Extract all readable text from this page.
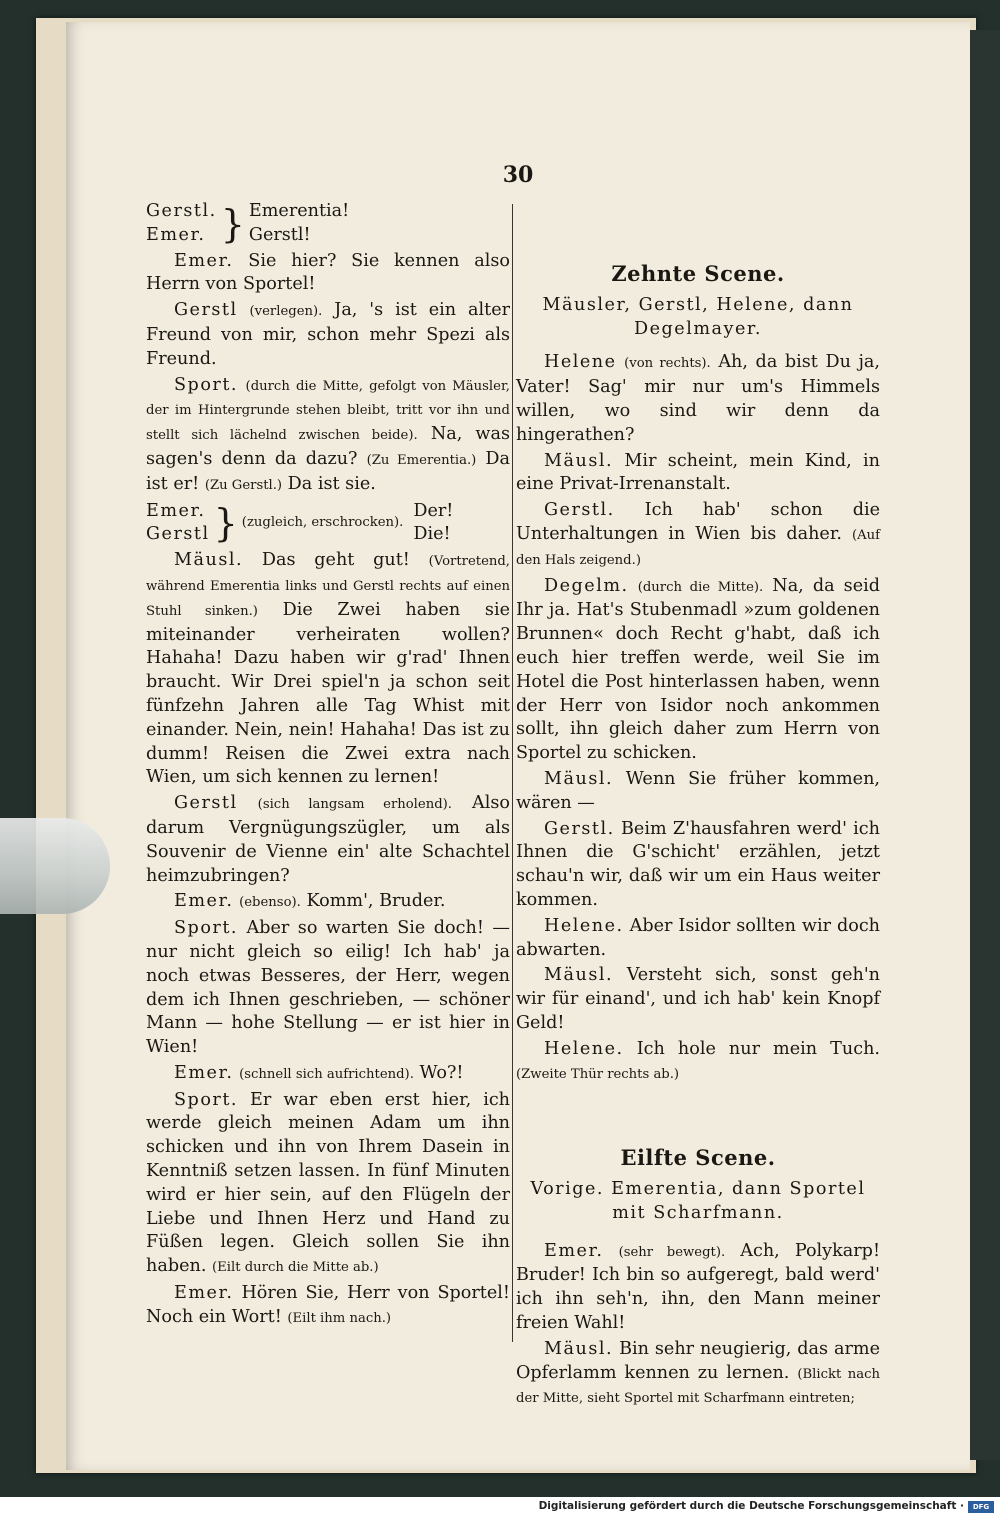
30
Gerstl.
Emer. } Emerentia!
Gerstl!

Emer. Sie hier? Sie kennen also Herrn von Sportel!

Gerstl (verlegen). Ja, 's ist ein alter Freund von mir, schon mehr Spezi als Freund.

Sport. (durch die Mitte, gefolgt von Mäusler, der im Hintergrunde stehen bleibt, tritt vor ihn und stellt sich lächelnd zwischen beide). Na, was sagen's denn da dazu? (Zu Emerentia.) Da ist er! (Zu Gerstl.) Da ist sie.

Emer.
Gerstl } (zugleich, erschrocken).
Der!
Die!

Mäusl. Das geht gut! (Vortretend, während Emerentia links und Gerstl rechts auf einen Stuhl sinken.) Die Zwei haben sie miteinander verheiraten wollen? Hahaha! Dazu haben wir g'rad' Ihnen braucht. Wir Drei spiel'n ja schon seit fünfzehn Jahren alle Tag Whist mit einander. Nein, nein! Hahaha! Das ist zu dumm! Reisen die Zwei extra nach Wien, um sich kennen zu lernen!

Gerstl (sich langsam erholend). Also darum Vergnügungszügler, um als Souvenir de Vienne ein' alte Schachtel heimzubringen?

Emer. (ebenso). Komm', Bruder.

Sport. Aber so warten Sie doch! — nur nicht gleich so eilig! Ich hab' ja noch etwas Besseres, der Herr, wegen dem ich Ihnen geschrieben, — schöner Mann — hohe Stellung — er ist hier in Wien!

Emer. (schnell sich aufrichtend). Wo?!

Sport. Er war eben erst hier, ich werde gleich meinen Adam um ihn schicken und ihn von Ihrem Dasein in Kenntniß setzen lassen. In fünf Minuten wird er hier sein, auf den Flügeln der Liebe und Ihnen Herz und Hand zu Füßen legen. Gleich sollen Sie ihn haben. (Eilt durch die Mitte ab.)

Emer. Hören Sie, Herr von Sportel! Noch ein Wort! (Eilt ihm nach.)

Zehnte Scene.

Mäusler, Gerstl, Helene, dann Degelmayer.

Helene (von rechts). Ah, da bist Du ja, Vater! Sag' mir nur um's Himmels willen, wo sind wir denn da hingerathen?

Mäusl. Mir scheint, mein Kind, in eine Privat-Irrenanstalt.

Gerstl. Ich hab' schon die Unterhaltungen in Wien bis daher. (Auf den Hals zeigend.)

Degelm. (durch die Mitte). Na, da seid Ihr ja. Hat's Stubenmadl »zum goldenen Brunnen« doch Recht g'habt, daß ich euch hier treffen werde, weil Sie im Hotel die Post hinterlassen haben, wenn der Herr von Isidor noch ankommen sollt, ihn gleich daher zum Herrn von Sportel zu schicken.

Mäusl. Wenn Sie früher kommen, wären —

Gerstl. Beim Z'hausfahren werd' ich Ihnen die G'schicht' erzählen, jetzt schau'n wir, daß wir um ein Haus weiter kommen.

Helene. Aber Isidor sollten wir doch abwarten.

Mäusl. Versteht sich, sonst geh'n wir für einand', und ich hab' kein Knopf Geld!

Helene. Ich hole nur mein Tuch. (Zweite Thür rechts ab.)

Eilfte Scene.

Vorige. Emerentia, dann Sportel mit Scharfmann.

Emer. (sehr bewegt). Ach, Polykarp! Bruder! Ich bin so aufgeregt, bald werd' ich ihn seh'n, ihn, den Mann meiner freien Wahl!

Mäusl. Bin sehr neugierig, das arme Opferlamm kennen zu lernen. (Blickt nach der Mitte, sieht Sportel mit Scharfmann eintreten;

Digitalisierung gefördert durch die Deutsche Forschungsgemeinschaft ·	DFG
